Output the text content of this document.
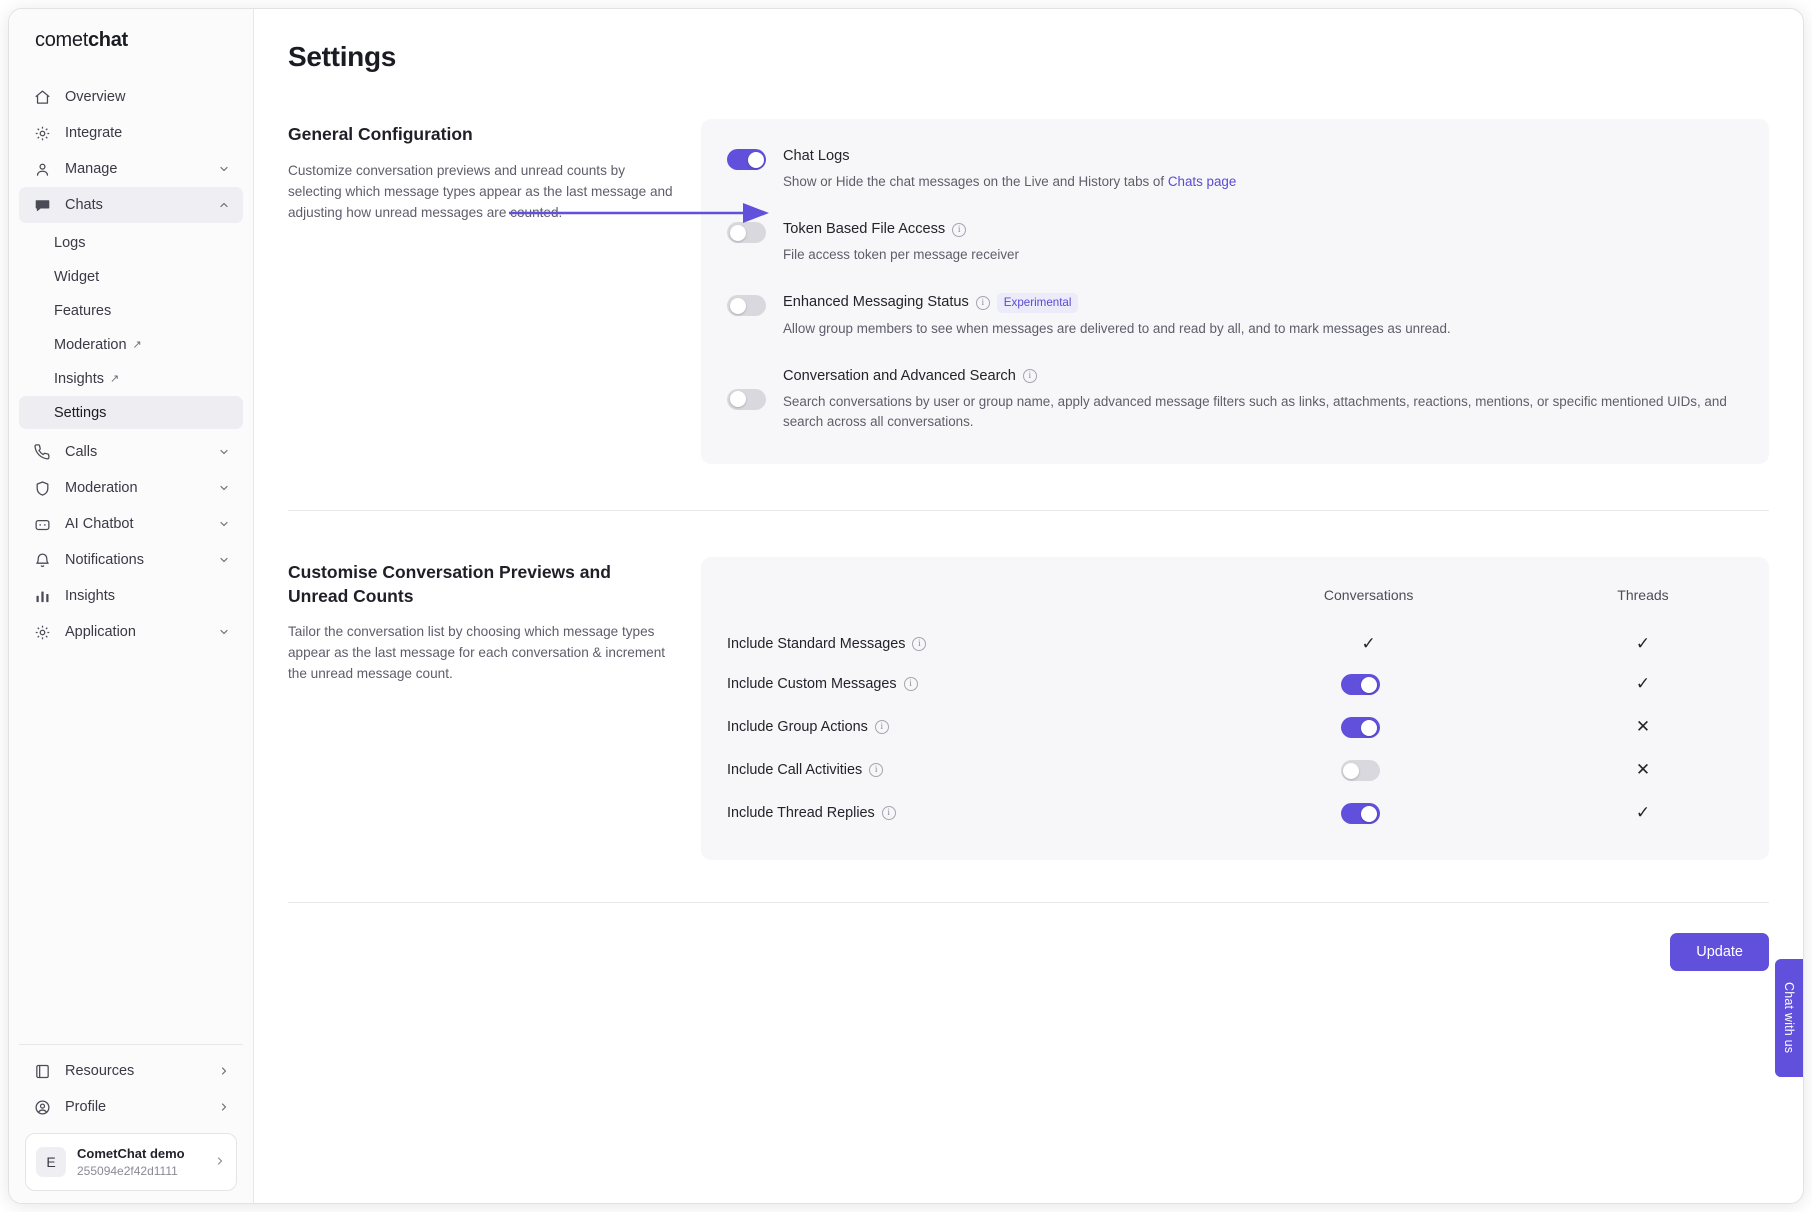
comet chat
Overview
Integrate
Manage
Chats
Logs
Widget
Features
Moderation ↗
Insights ↗
Settings
Calls
Moderation
AI Chatbot
Notifications
Insights
Application
Resources
Profile
E
CometChat demo
255094e2f42d1111
Settings
General Configuration
Customize conversation previews and unread counts by selecting which message types appear as the last message and adjusting how unread messages are counted.
Chat Logs
Show or Hide the chat messages on the Live and History tabs of Chats page
Token Based File Access	i
File access token per message receiver
Enhanced Messaging Status	i	Experimental
Allow group members to see when messages are delivered to and read by all, and to mark messages as unread.
Conversation and Advanced Search	i
Search conversations by user or group name, apply advanced message filters such as links, attachments, reactions, mentions, or specific mentioned UIDs, and search across all conversations.
Customise Conversation Previews and Unread Counts
Tailor the conversation list by choosing which message types appear as the last message for each conversation & increment the unread message count.
	Conversations	Threads

Include Standard Messages i	✓	✓

Include Custom Messages i		✓

Include Group Actions i		✕

Include Call Activities i		✕

Include Thread Replies i		✓
Update
Chat with us
